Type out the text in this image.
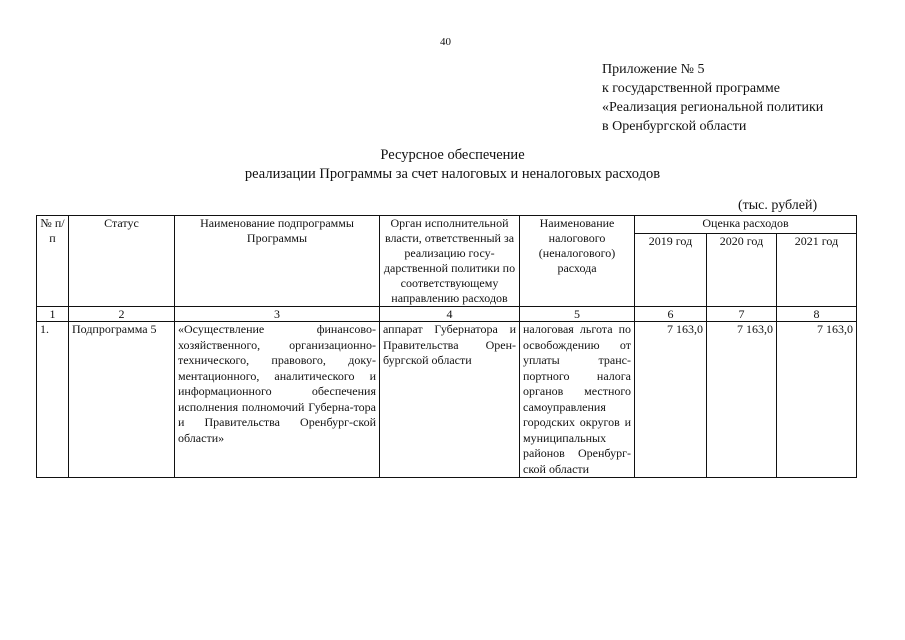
40
Приложение № 5
к государственной программе
«Реализация региональной политики
в Оренбургской области
Ресурсное обеспечение
реализации Программы за счет налоговых и неналоговых расходов
(тыс. рублей)
№ п/п	Статус	Наименование подпрограммы Программы	Орган исполнительной власти, ответственный за реализацию госу-дарственной политики по соответствующему направлению расходов	Наименование налогового (неналогового) расхода	Оценка расходов		
					2019 год	2020 год	2021 год
1	2	3	4	5	6	7	8
1.	Подпрограмма 5	«Осуществление финансово-хозяйственного, организационно-технического, правового, доку-ментационного, аналитического и информационного обеспечения исполнения полномочий Губерна-тора и Правительства Оренбург-ской области»	аппарат Губернатора и Правительства Орен-бургской области	налоговая льгота по освобождению от уплаты транс-портного налога органов местного самоуправления городских округов и муниципальных районов Оренбург-ской области	7 163,0	7 163,0	7 163,0
